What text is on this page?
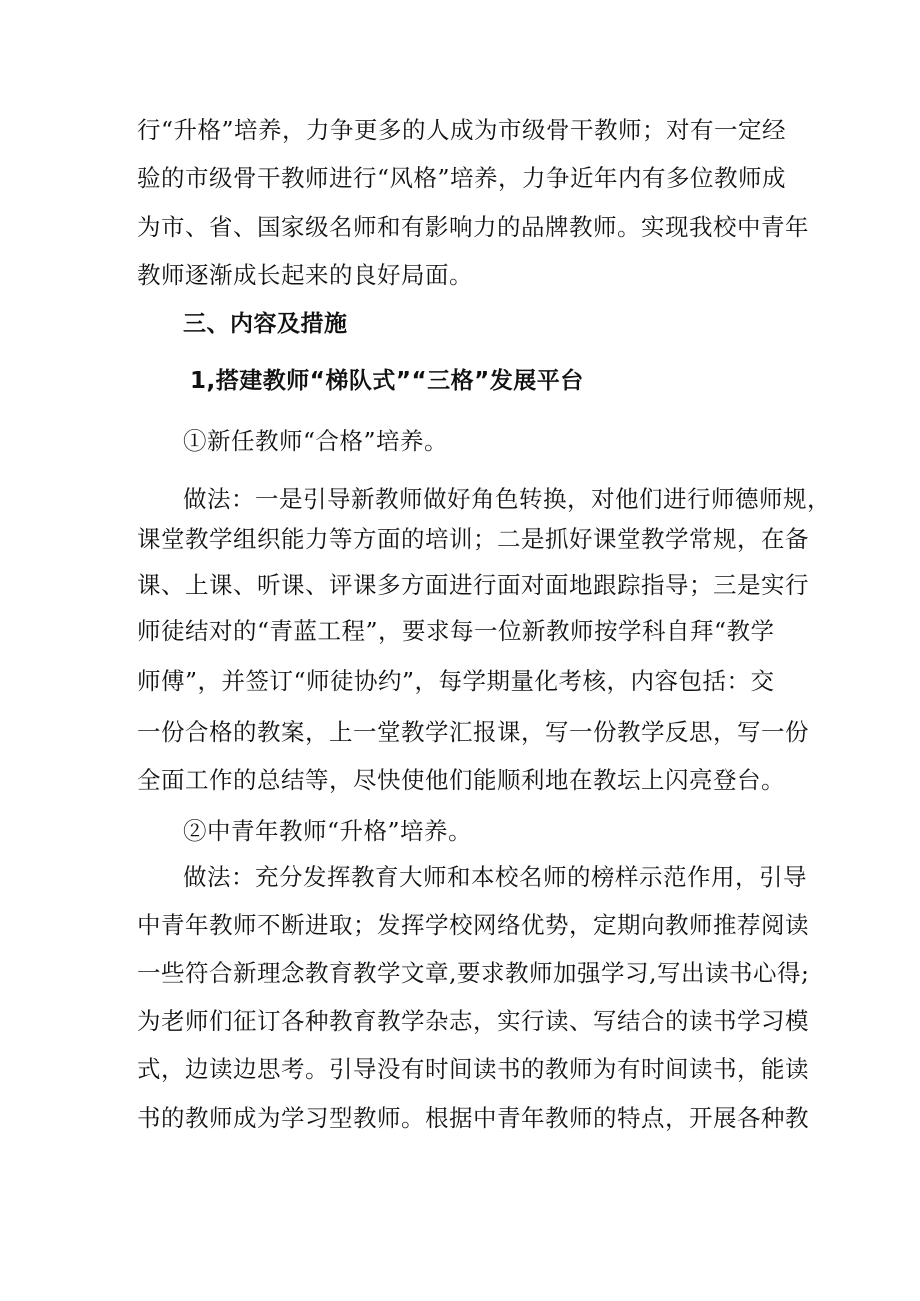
行“升格”培养，力争更多的人成为市级骨干教师；对有一定经
验的市级骨干教师进行“风格”培养，力争近年内有多位教师成
为市、省、国家级名师和有影响力的品牌教师。实现我校中青年
教师逐渐成长起来的良好局面。
三、内容及措施
1,搭建教师“梯队式”“三格”发展平台
①新任教师“合格”培养。
做法：一是引导新教师做好角色转换，对他们进行师德师规，
课堂教学组织能力等方面的培训；二是抓好课堂教学常规，在备
课、上课、听课、评课多方面进行面对面地跟踪指导；三是实行
师徒结对的“青蓝工程”，要求每一位新教师按学科自拜“教学
师傅”，并签订“师徒协约”，每学期量化考核，内容包括：交
一份合格的教案，上一堂教学汇报课，写一份教学反思，写一份
全面工作的总结等，尽快使他们能顺利地在教坛上闪亮登台。
②中青年教师“升格”培养。
做法：充分发挥教育大师和本校名师的榜样示范作用，引导
中青年教师不断进取；发挥学校网络优势，定期向教师推荐阅读
一些符合新理念教育教学文章,要求教师加强学习,写出读书心得;
为老师们征订各种教育教学杂志，实行读、写结合的读书学习模
式，边读边思考。引导没有时间读书的教师为有时间读书，能读
书的教师成为学习型教师。根据中青年教师的特点，开展各种教
